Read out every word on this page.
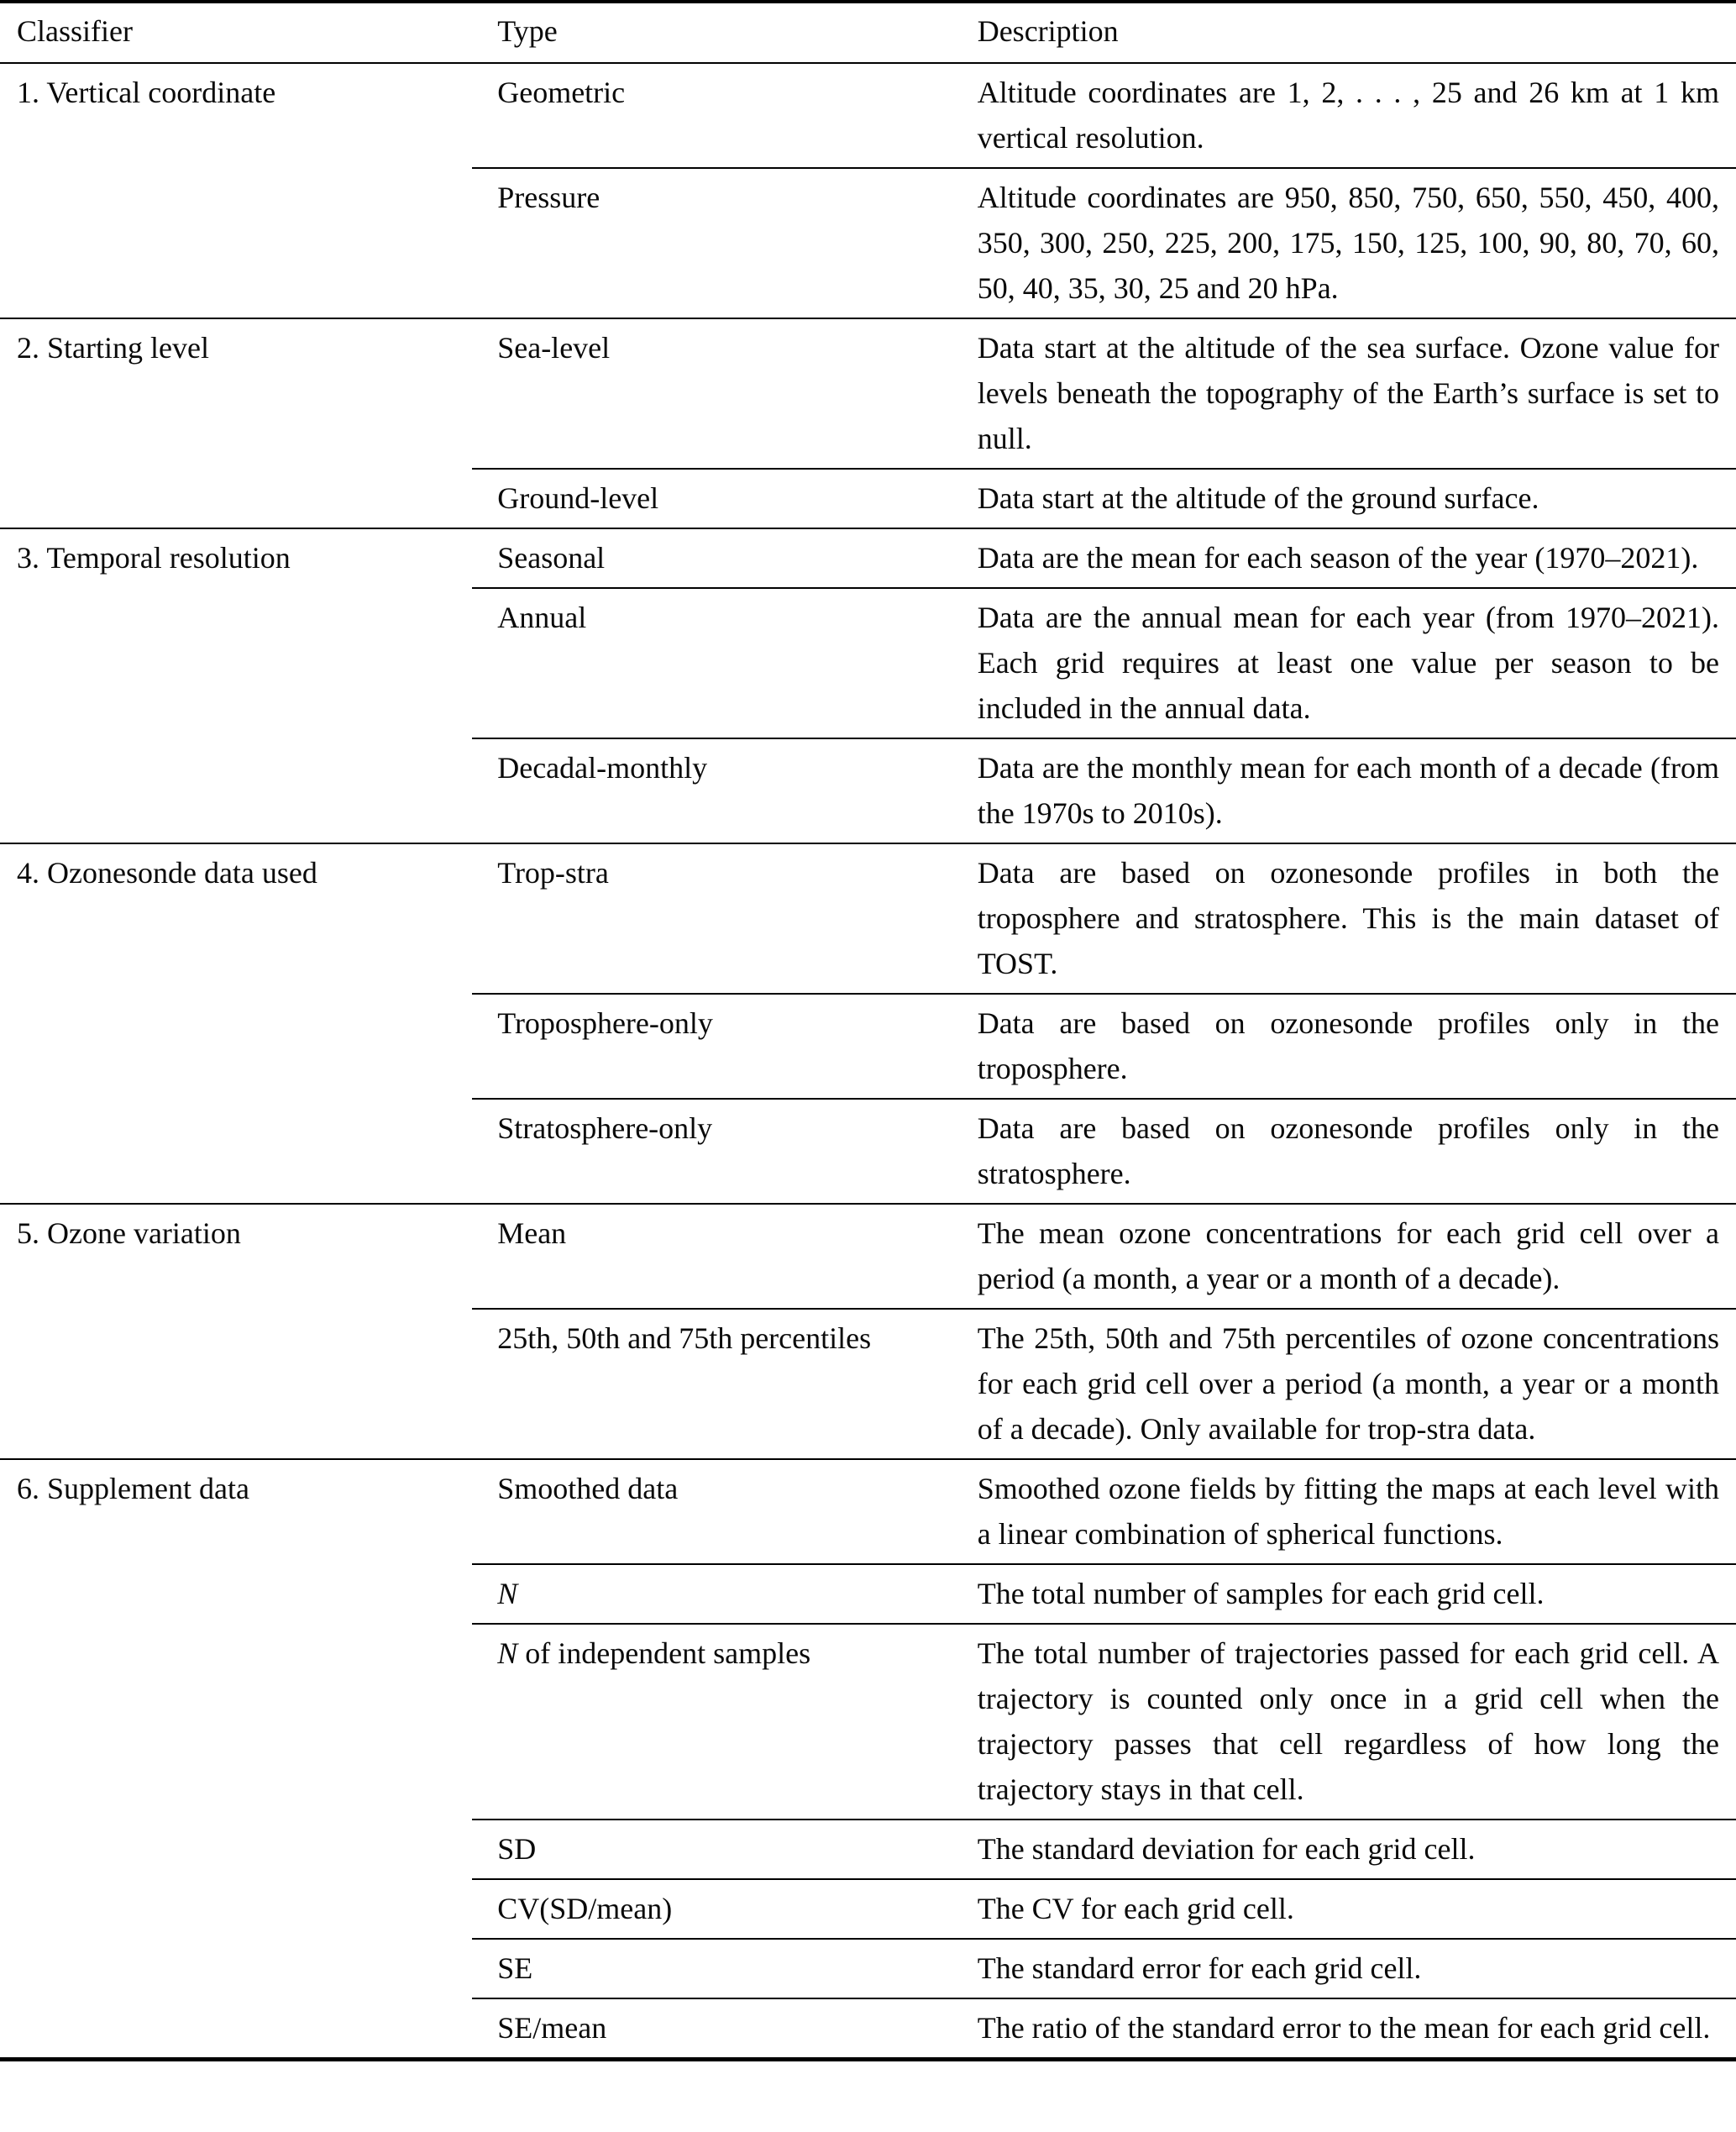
Classifier	Type	Description
1. Vertical coordinate	Geometric	Altitude coordinates are 1, 2, . . . , 25 and 26 km at 1 km vertical resolution.
Pressure	Altitude coordinates are 950, 850, 750, 650, 550, 450, 400, 350, 300, 250, 225, 200, 175, 150, 125, 100, 90, 80, 70, 60, 50, 40, 35, 30, 25 and 20 hPa.
2. Starting level	Sea-level	Data start at the altitude of the sea surface. Ozone value for levels beneath the topography of the Earth’s surface is set to null.
Ground-level	Data start at the altitude of the ground surface.
3. Temporal resolution	Seasonal	Data are the mean for each season of the year (1970–2021).
Annual	Data are the annual mean for each year (from 1970–2021). Each grid requires at least one value per season to be included in the annual data.
Decadal-monthly	Data are the monthly mean for each month of a decade (from the 1970s to 2010s).
4. Ozonesonde data used	Trop-stra	Data are based on ozonesonde profiles in both the troposphere and stratosphere. This is the main dataset of TOST.
Troposphere-only	Data are based on ozonesonde profiles only in the troposphere.
Stratosphere-only	Data are based on ozonesonde profiles only in the stratosphere.
5. Ozone variation	Mean	The mean ozone concentrations for each grid cell over a period (a month, a year or a month of a decade).
25th, 50th and 75th percentiles	The 25th, 50th and 75th percentiles of ozone concentrations for each grid cell over a period (a month, a year or a month of a decade). Only available for trop-stra data.
6. Supplement data	Smoothed data	Smoothed ozone fields by fitting the maps at each level with a linear combination of spherical functions.
N	The total number of samples for each grid cell.
N of independent samples	The total number of trajectories passed for each grid cell. A trajectory is counted only once in a grid cell when the trajectory passes that cell regardless of how long the trajectory stays in that cell.
SD	The standard deviation for each grid cell.
CV(SD/mean)	The CV for each grid cell.
SE	The standard error for each grid cell.
SE/mean	The ratio of the standard error to the mean for each grid cell.
